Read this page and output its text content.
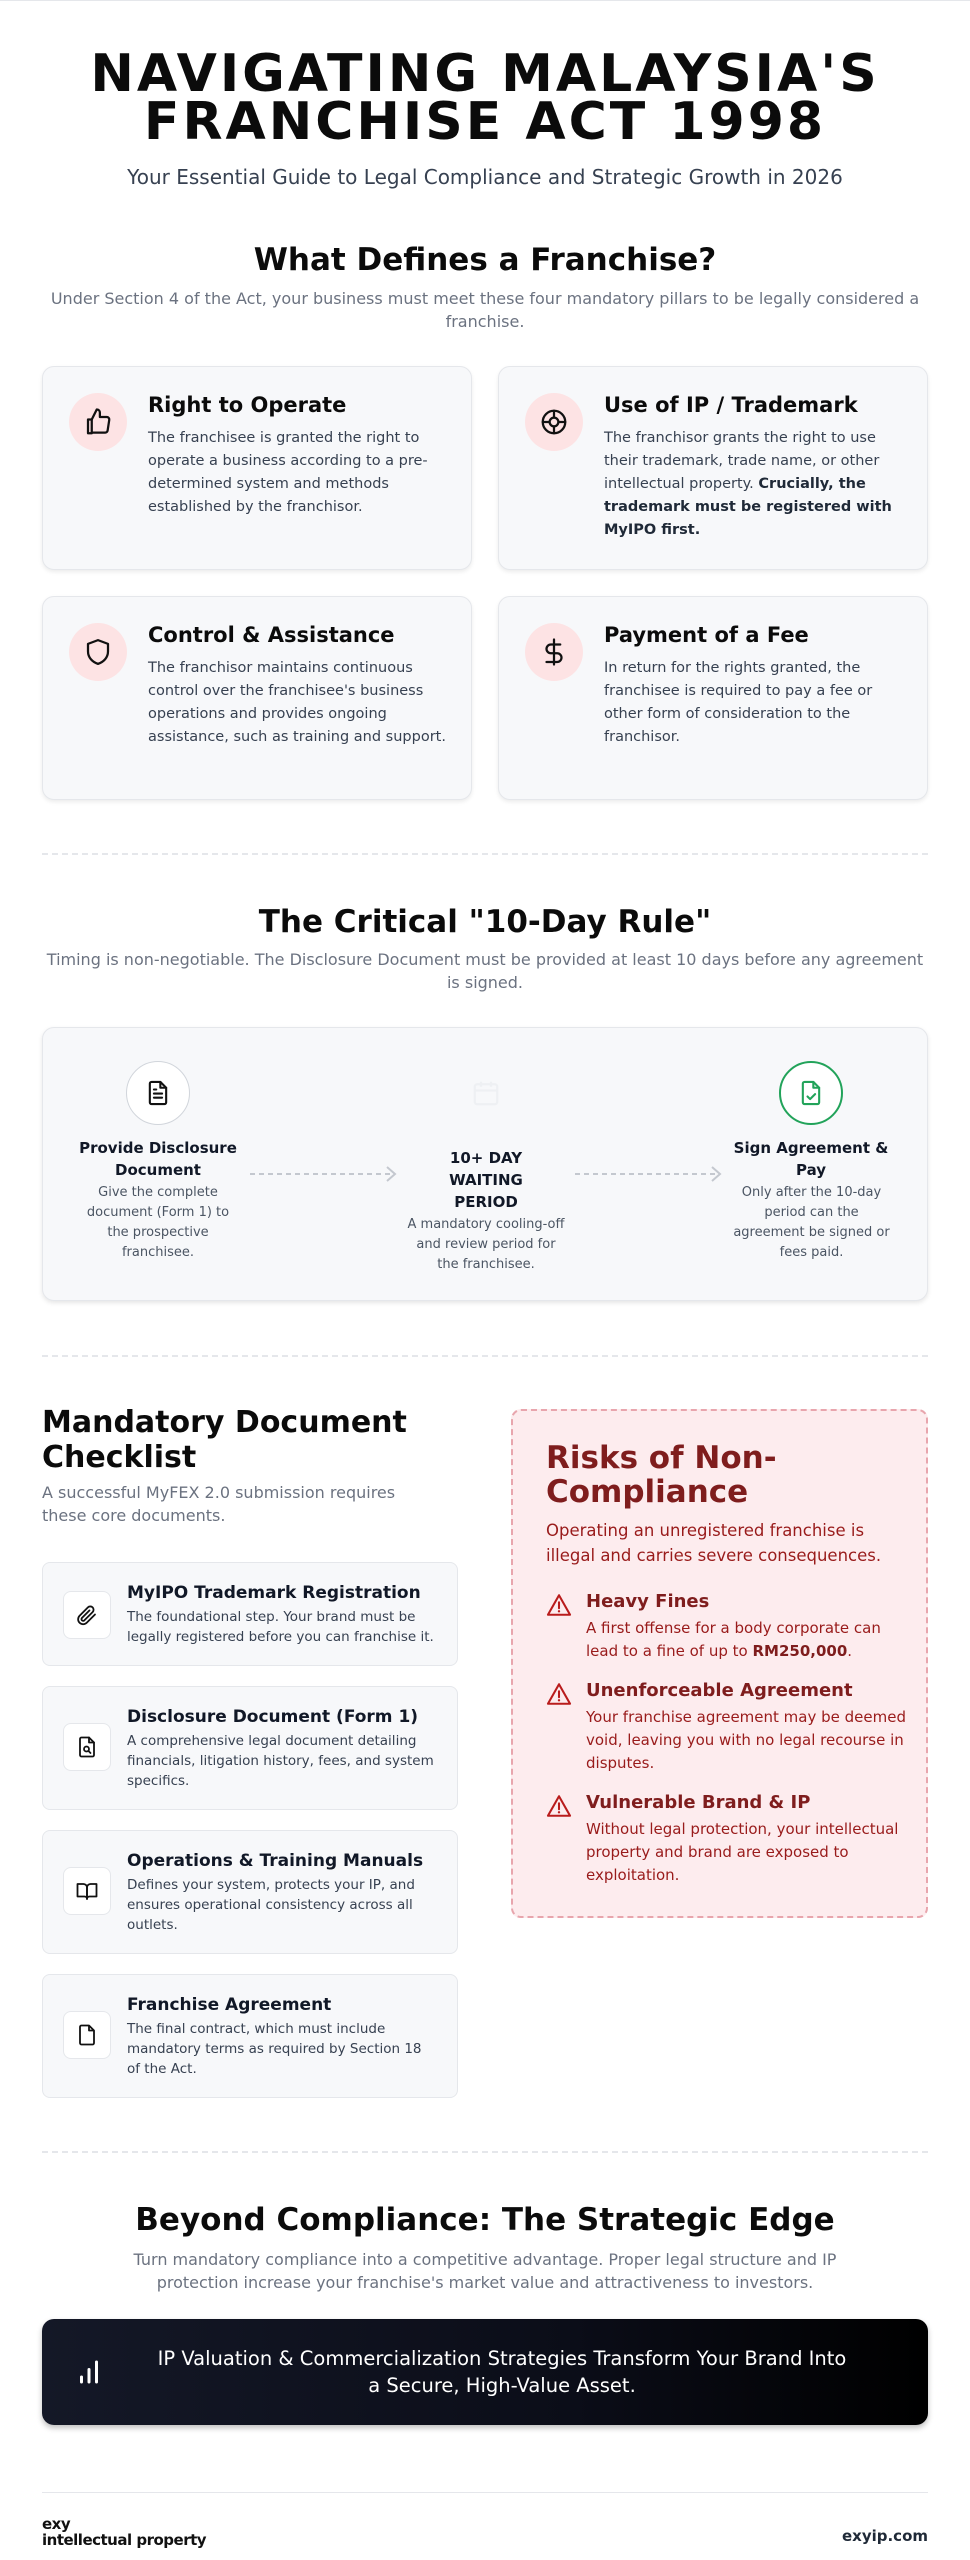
NAVIGATING MALAYSIA'S
FRANCHISE ACT 1998
Your Essential Guide to Legal Compliance and Strategic Growth in 2026
What Defines a Franchise?

Under Section 4 of the Act, your business must meet these four mandatory pillars to be legally considered a franchise.

Right to Operate

The franchisee is granted the right to operate a business according to a pre-determined system and methods established by the franchisor.

Use of IP / Trademark

The franchisor grants the right to use their trademark, trade name, or other intellectual property. Crucially, the trademark must be registered with MyIPO first.

Control & Assistance

The franchisor maintains continuous control over the franchisee's business operations and provides ongoing assistance, such as training and support.

Payment of a Fee

In return for the rights granted, the franchisee is required to pay a fee or other form of consideration to the franchisor.

The Critical "10-Day Rule"

Timing is non-negotiable. The Disclosure Document must be provided at least 10 days before any agreement is signed.

Provide Disclosure Document

Give the complete document (Form 1) to the prospective franchisee.

10+ DAY WAITING PERIOD

A mandatory cooling-off and review period for the franchisee.

Sign Agreement & Pay

Only after the 10-day period can the agreement be signed or fees paid.

Mandatory Document Checklist

A successful MyFEX 2.0 submission requires these core documents.

MyIPO Trademark Registration

The foundational step. Your brand must be legally registered before you can franchise it.

Disclosure Document (Form 1)

A comprehensive legal document detailing financials, litigation history, fees, and system specifics.

Operations & Training Manuals

Defines your system, protects your IP, and ensures operational consistency across all outlets.

Franchise Agreement

The final contract, which must include mandatory terms as required by Section 18 of the Act.

Risks of Non-Compliance

Operating an unregistered franchise is illegal and carries severe consequences.

Heavy Fines

A first offense for a body corporate can lead to a fine of up to RM250,000.

Unenforceable Agreement

Your franchise agreement may be deemed void, leaving you with no legal recourse in disputes.

Vulnerable Brand & IP

Without legal protection, your intellectual property and brand are exposed to exploitation.

Beyond Compliance: The Strategic Edge

Turn mandatory compliance into a competitive advantage. Proper legal structure and IP protection increase your franchise's market value and attractiveness to investors.

IP Valuation & Commercialization Strategies Transform Your Brand Into a Secure, High-Value Asset.

exy
intellectual property	exyip.com
